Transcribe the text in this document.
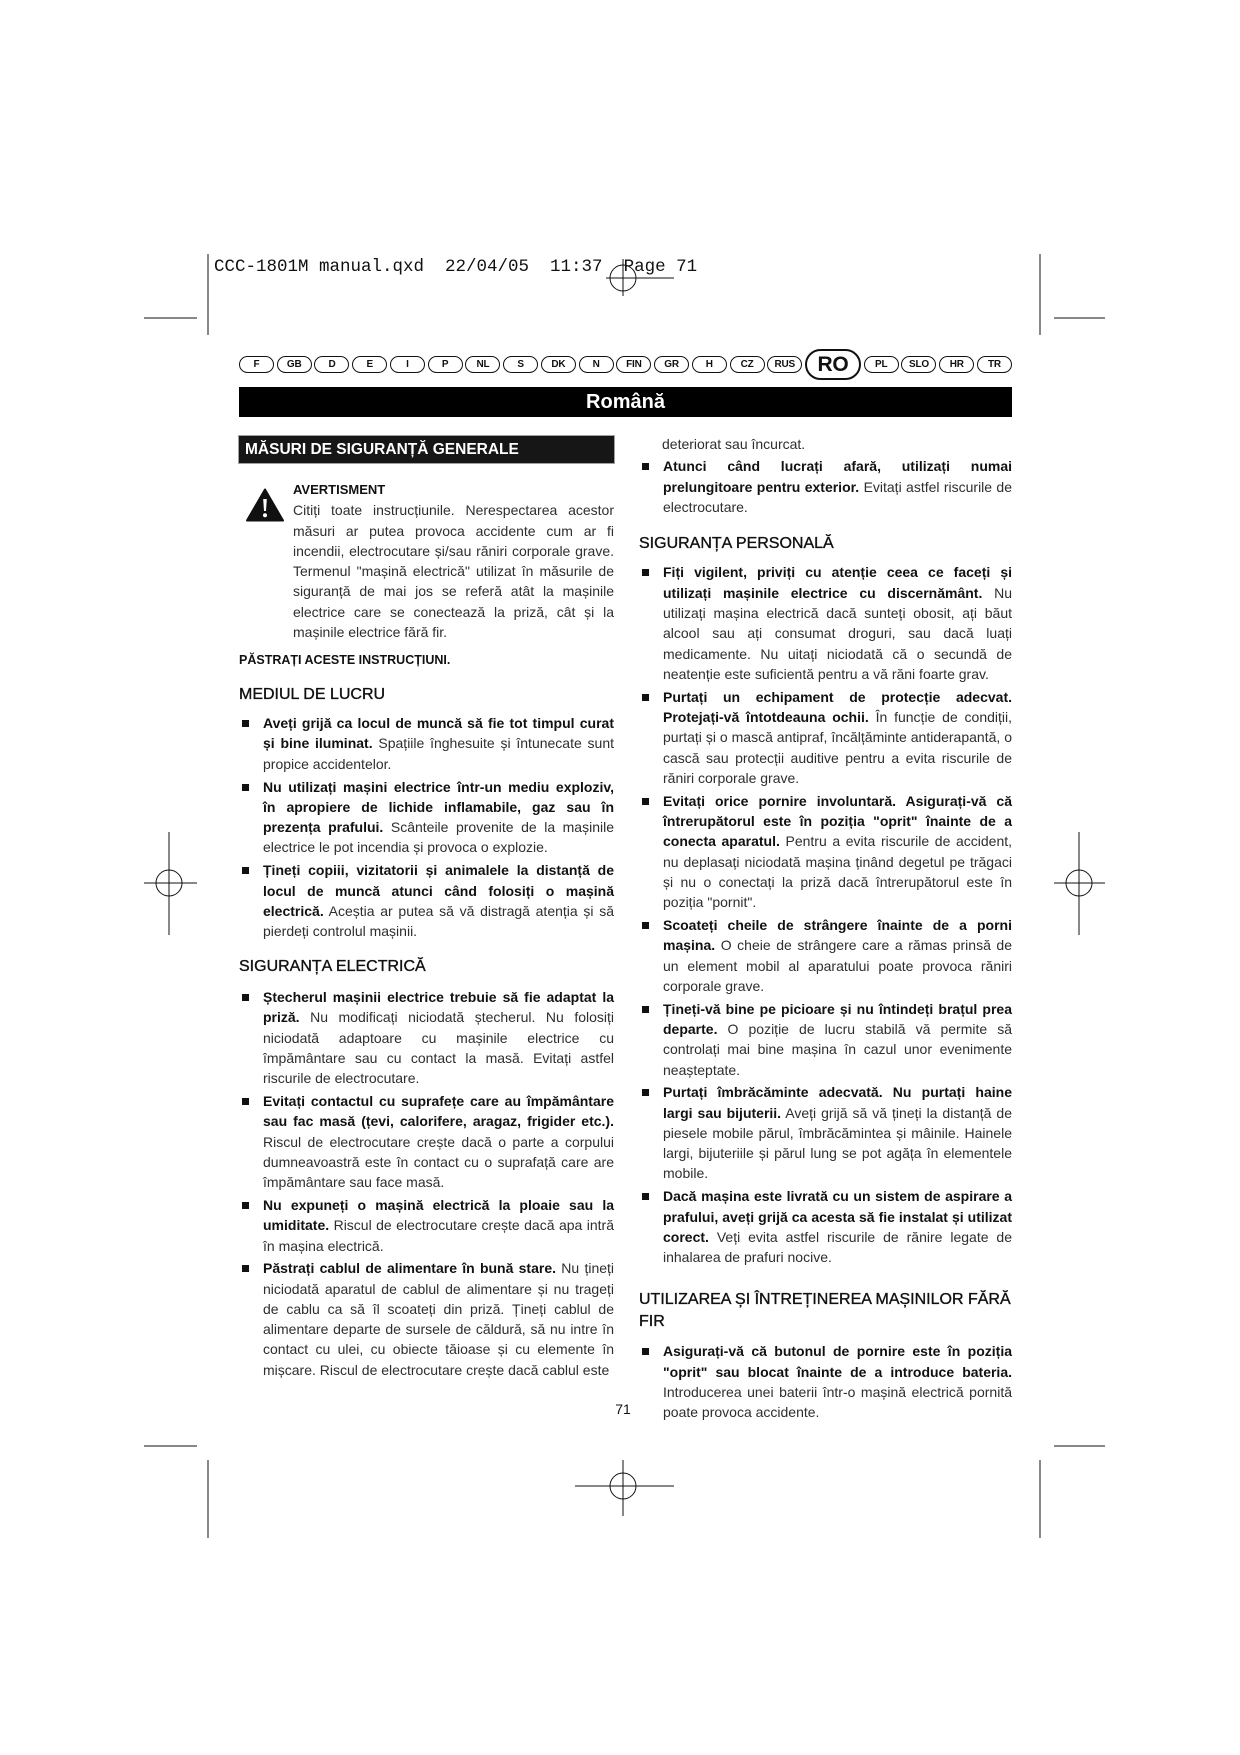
CCC-1801M manual.qxd  22/04/05  11:37  Page 71
F	GB	D	E	I	P	NL	S	DK	N	FIN	GR	H	CZ	RUS	RO	PL	SLO	HR	TR
Română
MĂSURI DE SIGURANȚĂ GENERALE
AVERTISMENT

Citiți toate instrucțiunile. Nerespectarea acestor măsuri ar putea provoca accidente cum ar fi incendii, electrocutare și/sau răniri corporale grave. Termenul "mașină electrică" utilizat în măsurile de siguranță de mai jos se referă atât la mașinile electrice care se conectează la priză, cât și la mașinile electrice fără fir.

PĂSTRAȚI ACESTE INSTRUCȚIUNI.
MEDIUL DE LUCRU
Aveți grijă ca locul de muncă să fie tot timpul curat și bine iluminat. Spațiile înghesuite și întunecate sunt propice accidentelor.
Nu utilizați mașini electrice într-un mediu exploziv, în apropiere de lichide inflamabile, gaz sau în prezența prafului. Scânteile provenite de la mașinile electrice le pot incendia și provoca o explozie.
Țineți copiii, vizitatorii și animalele la distanță de locul de muncă atunci când folosiți o mașină electrică. Aceștia ar putea să vă distragă atenția și să pierdeți controlul mașinii.
SIGURANȚA ELECTRICĂ
Ștecherul mașinii electrice trebuie să fie adaptat la priză. Nu modificați niciodată ștecherul. Nu folosiți niciodată adaptoare cu mașinile electrice cu împământare sau cu contact la masă. Evitați astfel riscurile de electrocutare.
Evitați contactul cu suprafețe care au împământare sau fac masă (țevi, calorifere, aragaz, frigider etc.). Riscul de electrocutare crește dacă o parte a corpului dumneavoastră este în contact cu o suprafață care are împământare sau face masă.
Nu expuneți o mașină electrică la ploaie sau la umiditate. Riscul de electrocutare crește dacă apa intră în mașina electrică.
Păstrați cablul de alimentare în bună stare. Nu țineți niciodată aparatul de cablul de alimentare și nu trageți de cablu ca să îl scoateți din priză. Țineți cablul de alimentare departe de sursele de căldură, să nu intre în contact cu ulei, cu obiecte tăioase și cu elemente în mișcare. Riscul de electrocutare crește dacă cablul este

deteriorat sau încurcat.

Atunci când lucrați afară, utilizați numai prelungitoare pentru exterior. Evitați astfel riscurile de electrocutare.
SIGURANȚA PERSONALĂ
Fiți vigilent, priviți cu atenție ceea ce faceți și utilizați mașinile electrice cu discernământ. Nu utilizați mașina electrică dacă sunteți obosit, ați băut alcool sau ați consumat droguri, sau dacă luați medicamente. Nu uitați niciodată că o secundă de neatenție este suficientă pentru a vă răni foarte grav.
Purtați un echipament de protecție adecvat. Protejați-vă întotdeauna ochii. În funcție de condiții, purtați și o mască antipraf, încălțăminte antiderapantă, o cască sau protecții auditive pentru a evita riscurile de răniri corporale grave.
Evitați orice pornire involuntară. Asigurați-vă că întrerupătorul este în poziția "oprit" înainte de a conecta aparatul. Pentru a evita riscurile de accident, nu deplasați niciodată mașina ținând degetul pe trăgaci și nu o conectați la priză dacă întrerupătorul este în poziția "pornit".
Scoateți cheile de strângere înainte de a porni mașina. O cheie de strângere care a rămas prinsă de un element mobil al aparatului poate provoca răniri corporale grave.
Țineți-vă bine pe picioare și nu întindeți brațul prea departe. O poziție de lucru stabilă vă permite să controlați mai bine mașina în cazul unor evenimente neașteptate.
Purtați îmbrăcăminte adecvată. Nu purtați haine largi sau bijuterii. Aveți grijă să vă țineți la distanță de piesele mobile părul, îmbrăcămintea și mâinile. Hainele largi, bijuteriile și părul lung se pot agăța în elementele mobile.
Dacă mașina este livrată cu un sistem de aspirare a prafului, aveți grijă ca acesta să fie instalat și utilizat corect. Veți evita astfel riscurile de rănire legate de inhalarea de prafuri nocive.
UTILIZAREA ȘI ÎNTREȚINEREA MAȘINILOR FĂRĂ FIR
Asigurați-vă că butonul de pornire este în poziția "oprit" sau blocat înainte de a introduce bateria. Introducerea unei baterii într-o mașină electrică pornită poate provoca accidente.
71
